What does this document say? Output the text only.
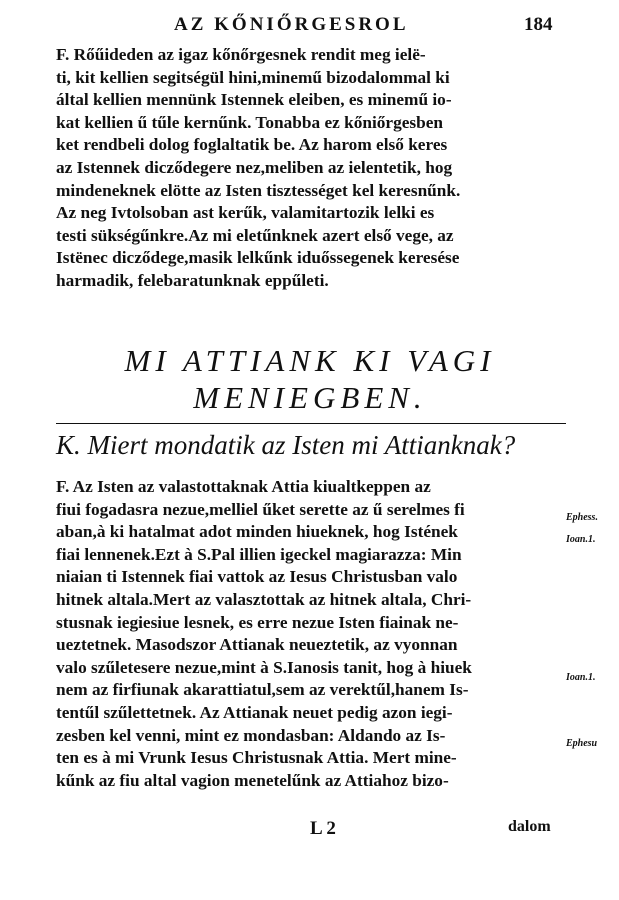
AZ KŐNIŐRGESROL	184
F. Rőűideden az igaz kőnőrgesnek rendit meg ielë-
ti, kit kellien segitségül hini,minemű bizodalommal ki
által kellien mennünk Istennek eleiben, es minemű io-
kat kellien ű tűle kernűnk. Tonabba ez kőniőrgesben
ket rendbeli dolog foglaltatik be. Az harom első keres
az Istennek dicződegere nez,meliben az ielentetik, hog
mindeneknek elötte az Isten tisztességet kel keresnűnk.
Az neg Ivtolsoban ast kerűk, valamitartozik lelki es
testi sükségűnkre.Az mi eletűnknek azert első vege, az
Istënec dicződege,masik lelkűnk iduőssegenek keresése
harmadik, felebaratunknak eppűleti.
MI ATTIANK KI VAGI
MENIEGBEN.
K. Miert mondatik az Isten mi Attianknak?
F. Az Isten az valastottaknak Attia kiualtkeppen az
fiui fogadasra nezue,melliel űket serette az ű serelmes fi
aban,à ki hatalmat adot minden hiueknek, hog Istének
fiai lennenek.Ezt à S.Pal illien igeckel magiarazza: Min
niaian ti Istennek fiai vattok az Iesus Christusban valo
hitnek altala.Mert az valasztottak az hitnek altala, Chri-
stusnak iegiesiue lesnek, es erre nezue Isten fiainak ne-
ueztetnek. Masodszor Attianak neueztetik, az vyonnan
valo szűletesere nezue,mint à S.Ianosis tanit, hog à hiuek
nem az firfiunak akarattiatul,sem az verektűl,hanem Is-
tentűl szűlettetnek. Az Attianak neuet pedig azon iegi-
zesben kel venni, mint ez mondasban: Aldando az Is-
ten es à mi Vrunk Iesus Christusnak Attia. Mert mine-
kűnk az fiu altal vagion menetelűnk az Attiahoz bizo-
Ephess.
Ioan.1.
Ioan.1.
Ephesu
L 2	dalom
